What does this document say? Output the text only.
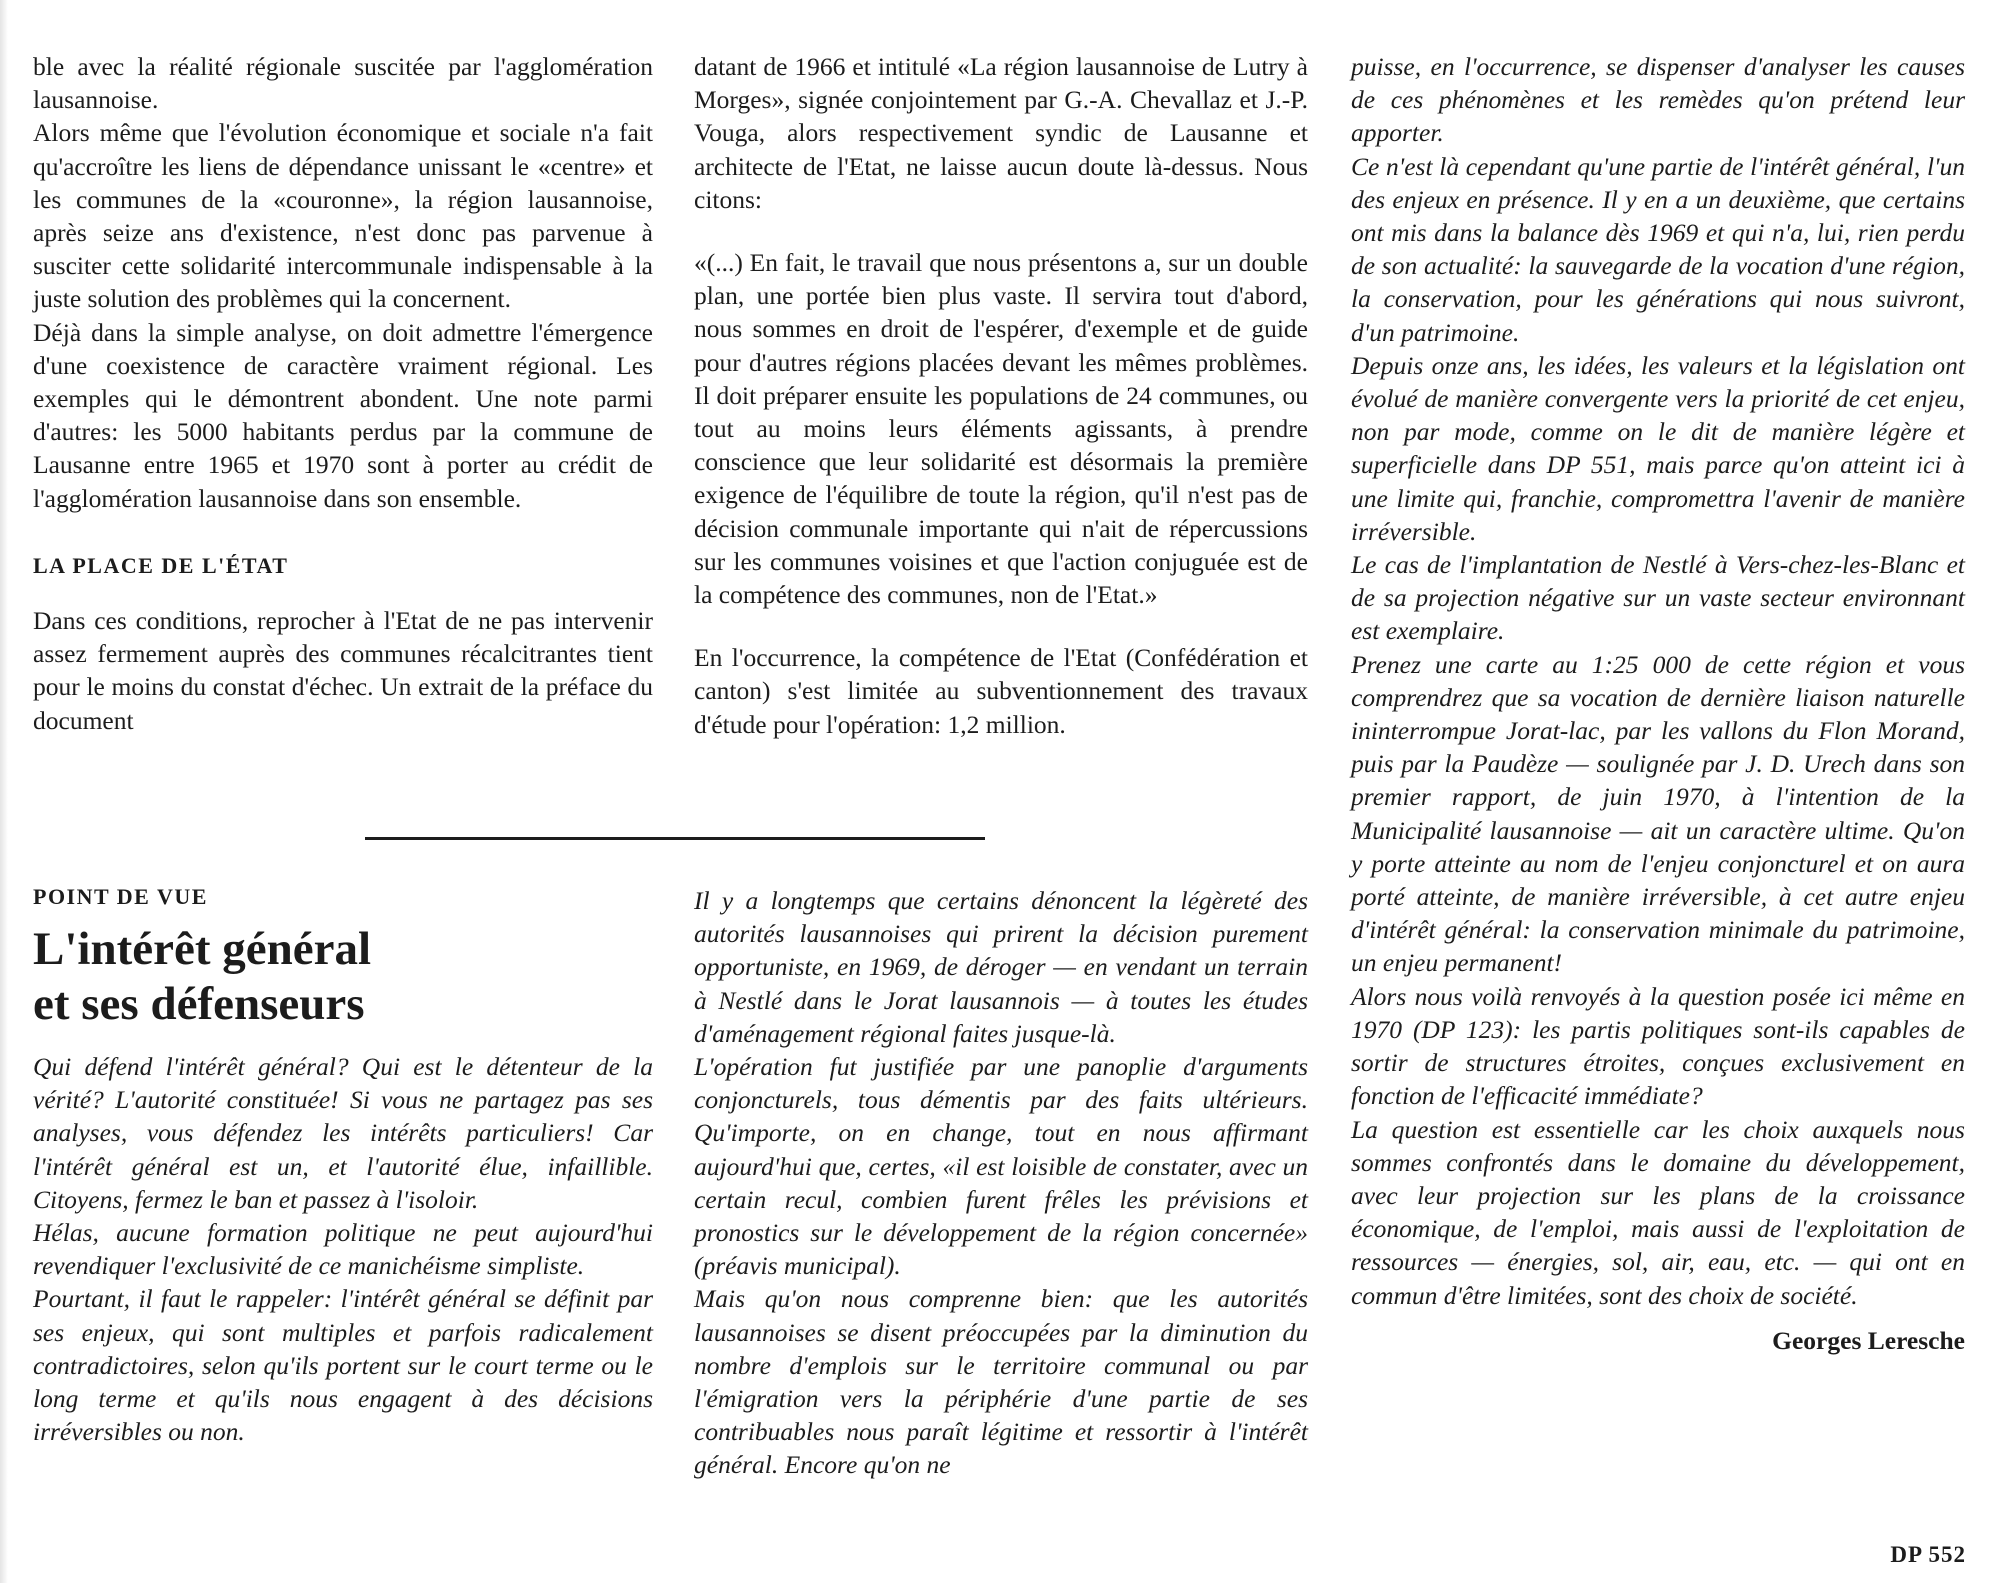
ble avec la réalité régionale suscitée par l'agglomération lausannoise.

Alors même que l'évolution économique et sociale n'a fait qu'accroître les liens de dépendance unissant le «centre» et les communes de la «couronne», la région lausannoise, après seize ans d'existence, n'est donc pas parvenue à susciter cette solidarité intercommunale indispensable à la juste solution des problèmes qui la concernent.

Déjà dans la simple analyse, on doit admettre l'émergence d'une coexistence de caractère vraiment régional. Les exemples qui le démontrent abondent. Une note parmi d'autres: les 5000 habitants perdus par la commune de Lausanne entre 1965 et 1970 sont à porter au crédit de l'agglomération lausannoise dans son ensemble.

LA PLACE DE L'ÉTAT

Dans ces conditions, reprocher à l'Etat de ne pas intervenir assez fermement auprès des communes récalcitrantes tient pour le moins du constat d'échec. Un extrait de la préface du document

datant de 1966 et intitulé «La région lausannoise de Lutry à Morges», signée conjointement par G.-A. Chevallaz et J.-P. Vouga, alors respectivement syndic de Lausanne et architecte de l'Etat, ne laisse aucun doute là-dessus. Nous citons:

«(...) En fait, le travail que nous présentons a, sur un double plan, une portée bien plus vaste. Il servira tout d'abord, nous sommes en droit de l'espérer, d'exemple et de guide pour d'autres régions placées devant les mêmes problèmes. Il doit préparer ensuite les populations de 24 communes, ou tout au moins leurs éléments agissants, à prendre conscience que leur solidarité est désormais la première exigence de l'équilibre de toute la région, qu'il n'est pas de décision communale importante qui n'ait de répercussions sur les communes voisines et que l'action conjuguée est de la compétence des communes, non de l'Etat.»

En l'occurrence, la compétence de l'Etat (Confédération et canton) s'est limitée au subventionnement des travaux d'étude pour l'opération: 1,2 million.

POINT DE VUE
L'intérêt général
et ses défenseurs

Qui défend l'intérêt général? Qui est le détenteur de la vérité? L'autorité constituée! Si vous ne partagez pas ses analyses, vous défendez les intérêts particuliers! Car l'intérêt général est un, et l'autorité élue, infaillible. Citoyens, fermez le ban et passez à l'isoloir.

Hélas, aucune formation politique ne peut aujourd'hui revendiquer l'exclusivité de ce manichéisme simpliste.

Pourtant, il faut le rappeler: l'intérêt général se définit par ses enjeux, qui sont multiples et parfois radicalement contradictoires, selon qu'ils portent sur le court terme ou le long terme et qu'ils nous engagent à des décisions irréversibles ou non.

Il y a longtemps que certains dénoncent la légèreté des autorités lausannoises qui prirent la décision purement opportuniste, en 1969, de déroger — en vendant un terrain à Nestlé dans le Jorat lausannois — à toutes les études d'aménagement régional faites jusque-là.

L'opération fut justifiée par une panoplie d'arguments conjoncturels, tous démentis par des faits ultérieurs. Qu'importe, on en change, tout en nous affirmant aujourd'hui que, certes, «il est loisible de constater, avec un certain recul, combien furent frêles les prévisions et pronostics sur le développement de la région concernée» (préavis municipal).

Mais qu'on nous comprenne bien: que les autorités lausannoises se disent préoccupées par la diminution du nombre d'emplois sur le territoire communal ou par l'émigration vers la périphérie d'une partie de ses contribuables nous paraît légitime et ressortir à l'intérêt général. Encore qu'on ne

puisse, en l'occurrence, se dispenser d'analyser les causes de ces phénomènes et les remèdes qu'on prétend leur apporter.

Ce n'est là cependant qu'une partie de l'intérêt général, l'un des enjeux en présence. Il y en a un deuxième, que certains ont mis dans la balance dès 1969 et qui n'a, lui, rien perdu de son actualité: la sauvegarde de la vocation d'une région, la conservation, pour les générations qui nous suivront, d'un patrimoine.

Depuis onze ans, les idées, les valeurs et la législation ont évolué de manière convergente vers la priorité de cet enjeu, non par mode, comme on le dit de manière légère et superficielle dans DP 551, mais parce qu'on atteint ici à une limite qui, franchie, compromettra l'avenir de manière irréversible.

Le cas de l'implantation de Nestlé à Vers-chez-les-Blanc et de sa projection négative sur un vaste secteur environnant est exemplaire.

Prenez une carte au 1:25 000 de cette région et vous comprendrez que sa vocation de dernière liaison naturelle ininterrompue Jorat-lac, par les vallons du Flon Morand, puis par la Paudèze — soulignée par J. D. Urech dans son premier rapport, de juin 1970, à l'intention de la Municipalité lausannoise — ait un caractère ultime. Qu'on y porte atteinte au nom de l'enjeu conjoncturel et on aura porté atteinte, de manière irréversible, à cet autre enjeu d'intérêt général: la conservation minimale du patrimoine, un enjeu permanent!

Alors nous voilà renvoyés à la question posée ici même en 1970 (DP 123): les partis politiques sont-ils capables de sortir de structures étroites, conçues exclusivement en fonction de l'efficacité immédiate?

La question est essentielle car les choix auxquels nous sommes confrontés dans le domaine du développement, avec leur projection sur les plans de la croissance économique, de l'emploi, mais aussi de l'exploitation de ressources — énergies, sol, air, eau, etc. — qui ont en commun d'être limitées, sont des choix de société.

Georges Leresche
DP 552
